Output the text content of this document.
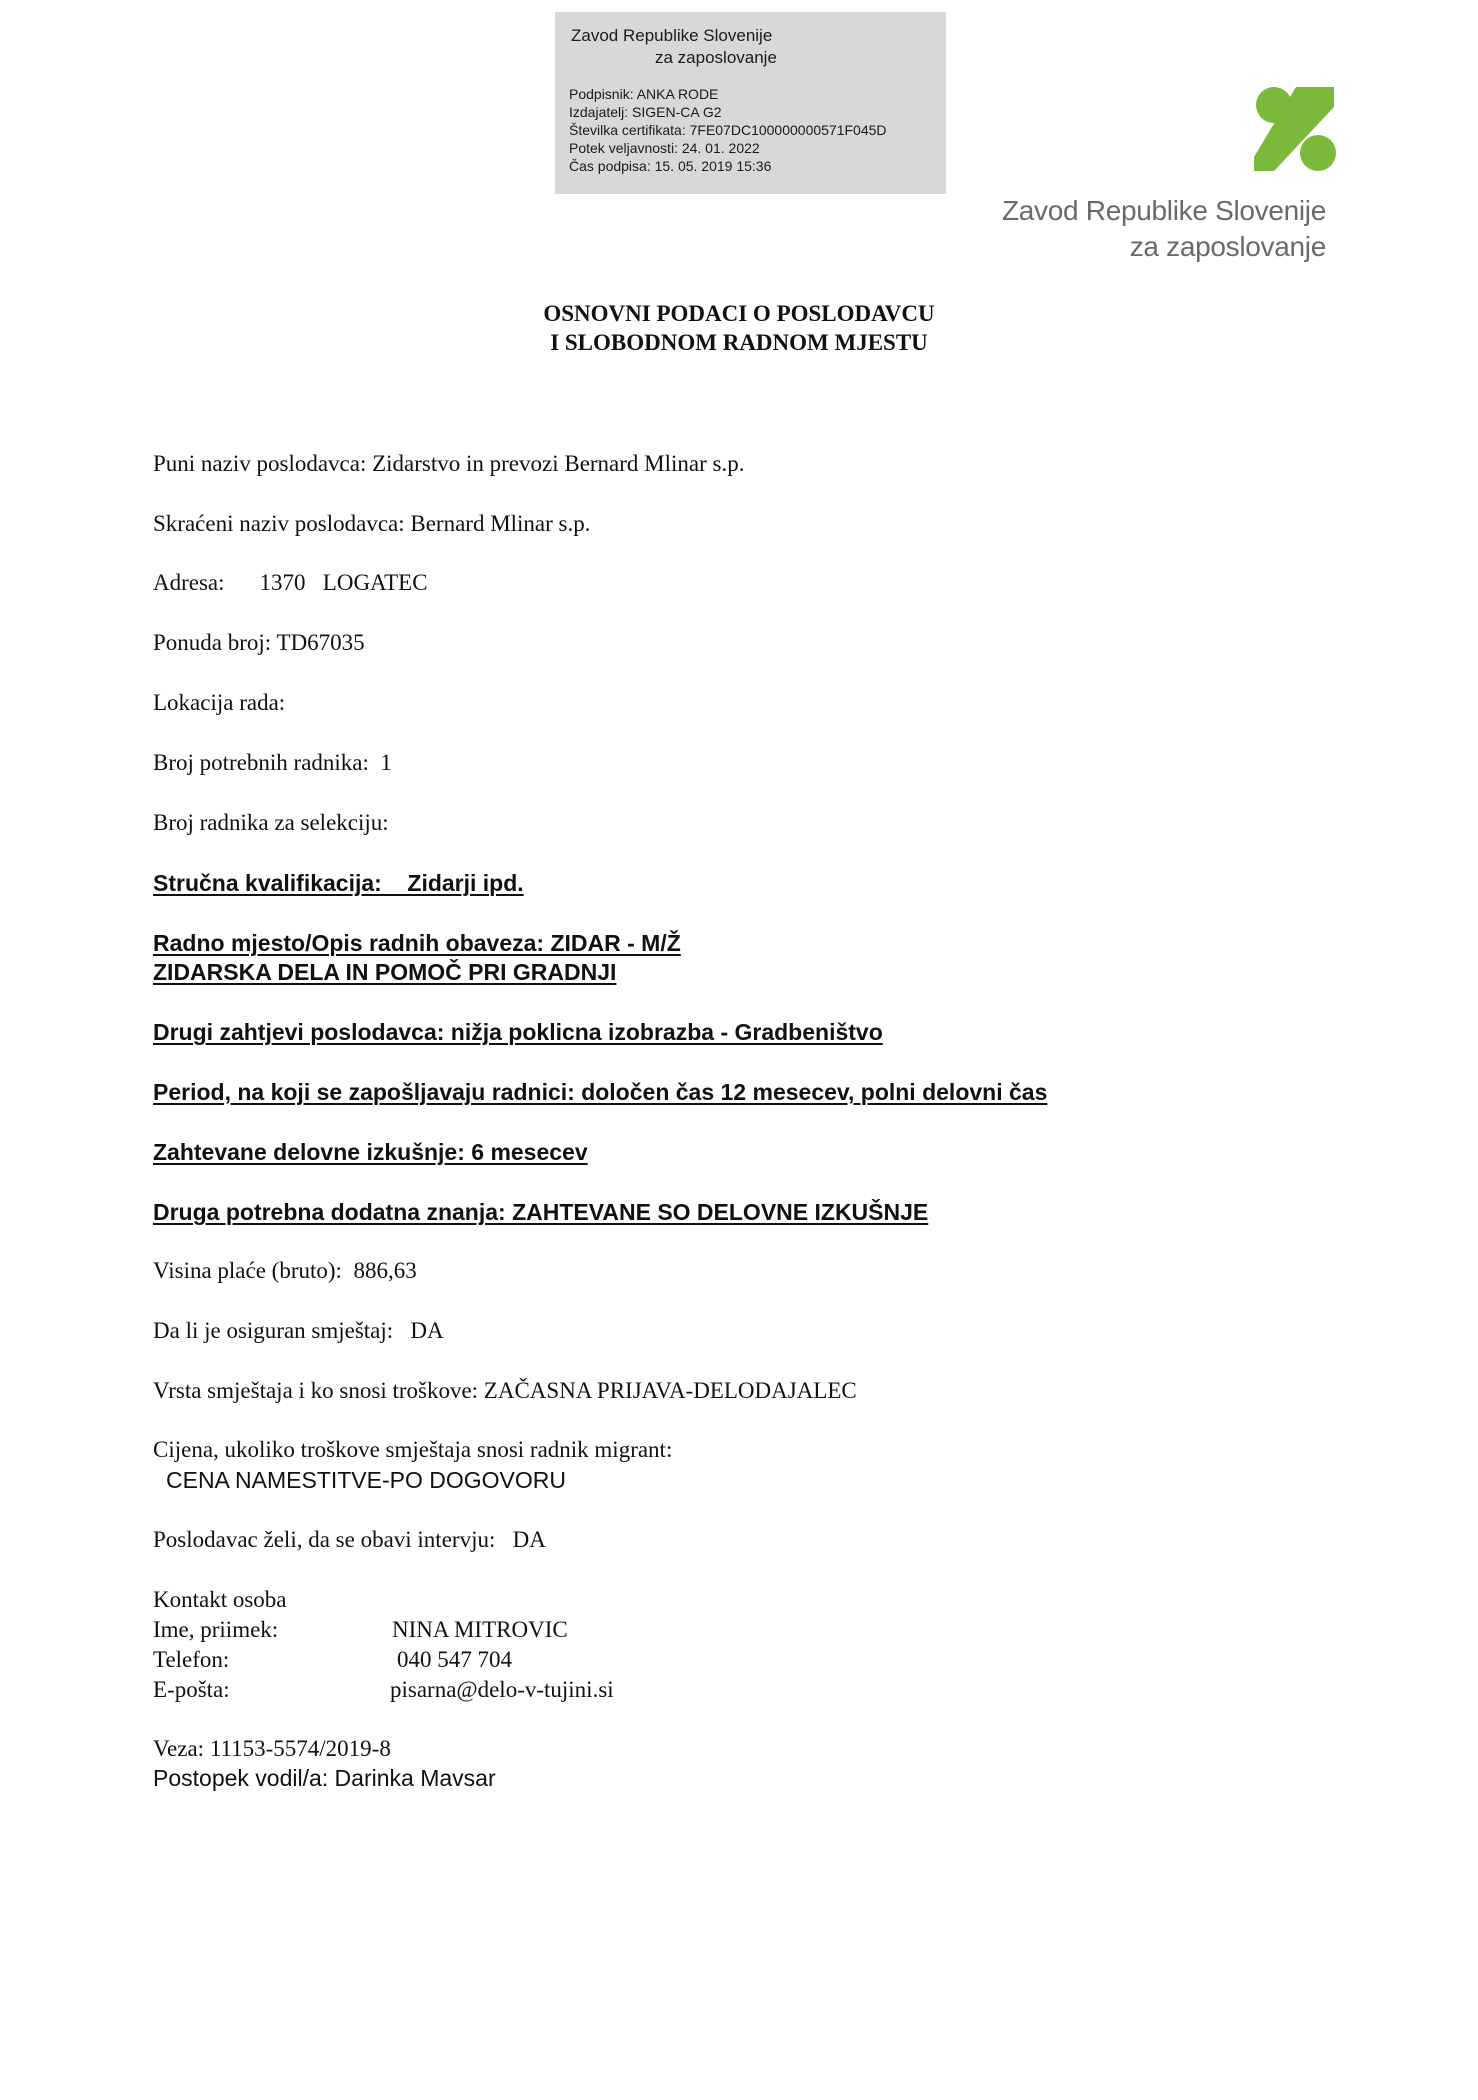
Zavod Republike Slovenije
za zaposlovanje
Podpisnik: ANKA RODE
Izdajatelj: SIGEN-CA G2
Številka certifikata: 7FE07DC100000000571F045D
Potek veljavnosti: 24. 01. 2022
Čas podpisa: 15. 05. 2019 15:36
Zavod Republike Slovenije
za zaposlovanje
OSNOVNI PODACI O POSLODAVCU
I SLOBODNOM RADNOM MJESTU
Puni naziv poslodavca: Zidarstvo in prevozi Bernard Mlinar s.p.
Skraćeni naziv poslodavca: Bernard Mlinar s.p.
Adresa: 1370   LOGATEC
Ponuda broj: TD67035
Lokacija rada:
Broj potrebnih radnika:  1
Broj radnika za selekciju:
Stručna kvalifikacija:    Zidarji ipd.
Radno mjesto/Opis radnih obaveza: ZIDAR - M/Ž
ZIDARSKA DELA IN POMOČ PRI GRADNJI
Drugi zahtjevi poslodavca: nižja poklicna izobrazba - Gradbeništvo
Period, na koji se zapošljavaju radnici: določen čas 12 mesecev, polni delovni čas
Zahtevane delovne izkušnje: 6 mesecev
Druga potrebna dodatna znanja: ZAHTEVANE SO DELOVNE IZKUŠNJE
Visina plaće (bruto):  886,63
Da li je osiguran smještaj:   DA
Vrsta smještaja i ko snosi troškove: ZAČASNA PRIJAVA-DELODAJALEC
Cijena, ukoliko troškove smještaja snosi radnik migrant:
CENA NAMESTITVE-PO DOGOVORU
Poslodavac želi, da se obavi intervju:   DA
Kontakt osoba
Ime, priimek:	NINA MITROVIC
Telefon:	040 547 704
E-pošta:	pisarna@delo-v-tujini.si
Veza: 11153-5574/2019-8
Postopek vodil/a: Darinka Mavsar
